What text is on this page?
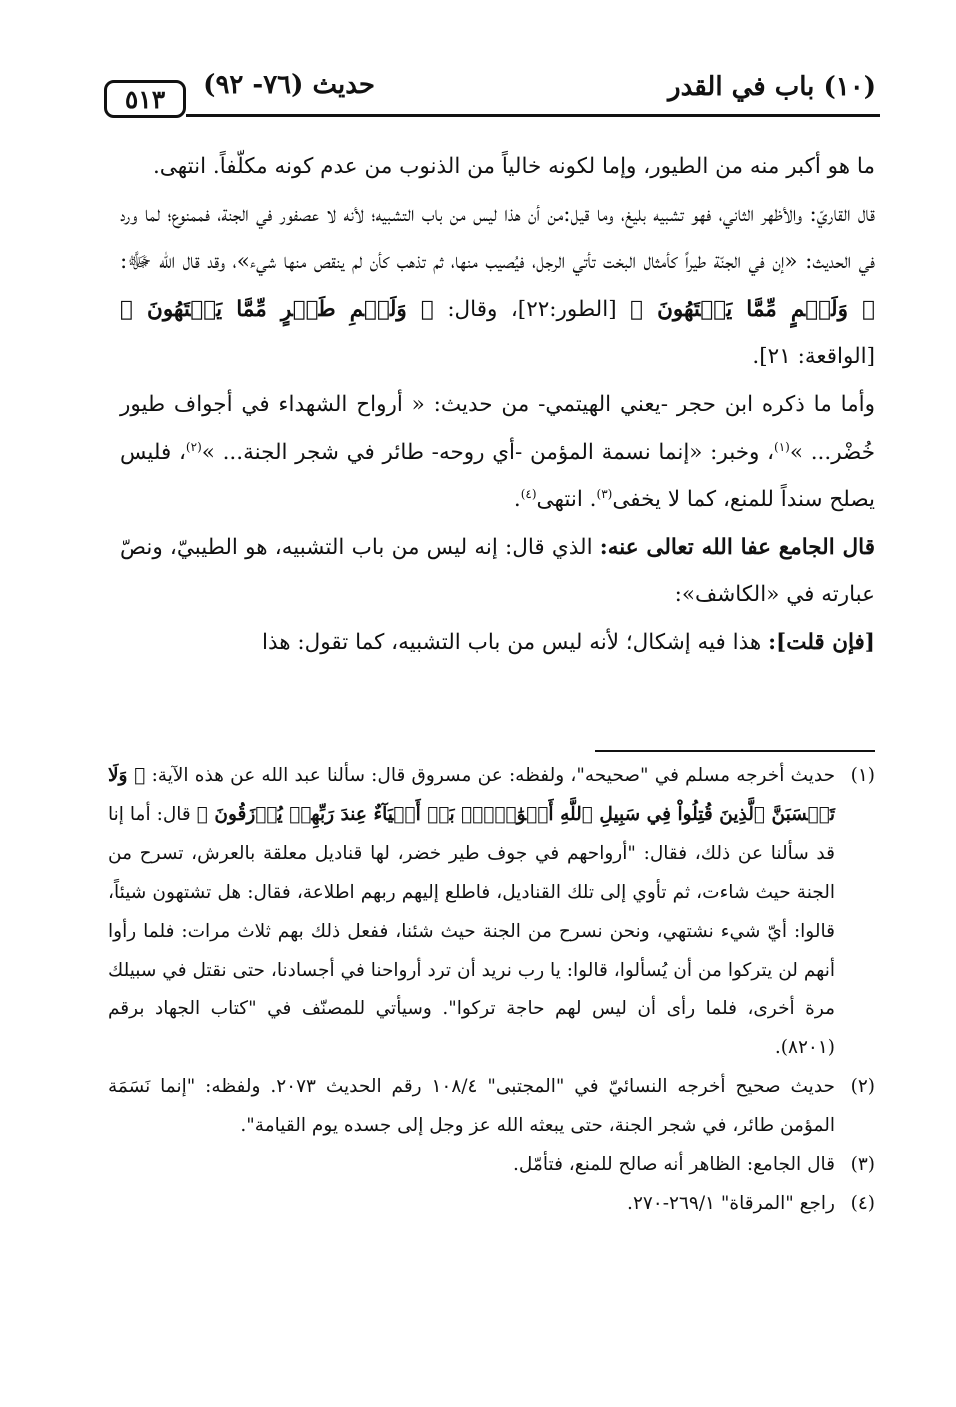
(١٠) باب في القدر
حديث (٧٦- ٩٢)
٥١٣

ما هو أكبر منه من الطيور، وإما لكونه خالياً من الذنوب من عدم كونه مكلّفاً. انتهى.

قال القاريّ: والأظهر الثاني، فهو تشبيه بليغ، وما قيل:من أن هذا ليس من باب التشبيه؛ لأنه لا عصفور في الجنة، فممنوع؛ لما ورد في الحديث: «إن في الجنّة طيراً كأمثال البخت تأتي الرجل، فيُصيب منها، ثم تذهب كأن لم ينقص منها شيء»، وقد قال الله ﷻ: ﴿ وَلَحۡمٍ مِّمَّا يَشۡتَهُونَ ﴾ [الطور:٢٢]، وقال: ﴿ وَلَحۡمِ طَيۡرٍ مِّمَّا يَشۡتَهُونَ ﴾ [الواقعة: ٢١].

وأما ما ذكره ابن حجر -يعني الهيتمي- من حديث: « أرواح الشهداء في أجواف طيور خُضْر... »$^{(١)}$، وخبر: «إنما نسمة المؤمن -أي روحه- طائر في شجر الجنة... »$^{(٢)}$، فليس يصلح سنداً للمنع، كما لا يخفى$^{(٣)}$. انتهى$^{(٤)}$.

قال الجامع عفا الله تعالى عنه: الذي قال: إنه ليس من باب التشبيه، هو الطيبيّ، ونصّ عبارته في «الكاشف»:

[فإن قلت]: هذا فيه إشكال؛ لأنه ليس من باب التشبيه، كما تقول: هذا

(١)
حديث أخرجه مسلم في "صحيحه"، ولفظه: عن مسروق قال: سألنا عبد الله عن هذه الآية: ﴿ وَلَا تَحۡسَبَنَّ ٱلَّذِينَ قُتِلُواْ فِي سَبِيلِ ٱللَّهِ أَمۡوَٰتَۢاۚ بَلۡ أَحۡيَآءٌ عِندَ رَبِّهِمۡ يُرۡزَقُونَ ﴾ قال: أما إنا قد سألنا عن ذلك، فقال: "أرواحهم في جوف طير خضر، لها قناديل معلقة بالعرش، تسرح من الجنة حيث شاءت، ثم تأوي إلى تلك القناديل، فاطلع إليهم ربهم اطلاعة، فقال: هل تشتهون شيئاً، قالوا: أيّ شيء نشتهي، ونحن نسرح من الجنة حيث شئنا، ففعل ذلك بهم ثلاث مرات: فلما رأوا أنهم لن يتركوا من أن يُسألوا، قالوا: يا رب نريد أن ترد أرواحنا في أجسادنا، حتى نقتل في سبيلك مرة أخرى، فلما رأى أن ليس لهم حاجة تركوا". وسيأتي للمصنّف في "كتاب الجهاد برقم (٨٢٠١).
(٢)
حديث صحيح أخرجه النسائيّ في "المجتبى" ١٠٨/٤ رقم الحديث ٢٠٧٣. ولفظه: "إنما نَسَمَة المؤمن طائر، في شجر الجنة، حتى يبعثه الله عز وجل إلى جسده يوم القيامة".
(٣)
قال الجامع: الظاهر أنه صالح للمنع، فتأمّل.
(٤)
راجع "المرقاة" ٢٦٩/١-٢٧٠.
